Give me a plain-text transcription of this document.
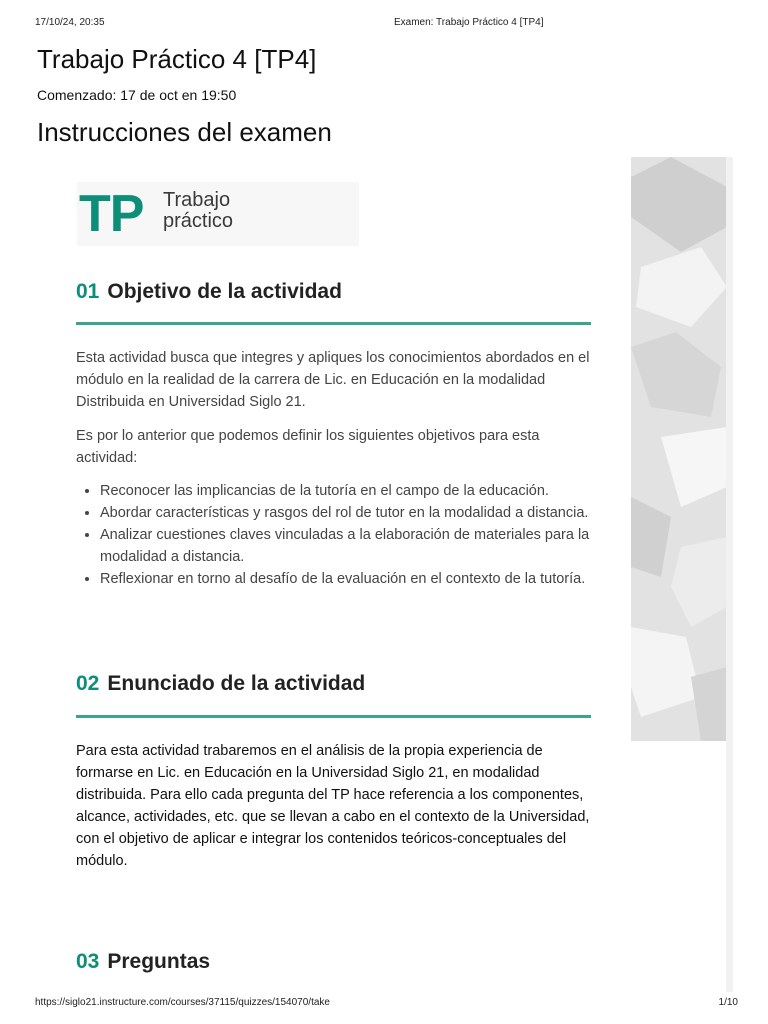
17/10/24, 20:35	Examen: Trabajo Práctico 4 [TP4]
Trabajo Práctico 4 [TP4]
Comenzado: 17 de oct en 19:50
Instrucciones del examen
TP Trabajo
práctico
01 Objetivo de la actividad

Esta actividad busca que integres y apliques los conocimientos abordados en el módulo en la realidad de la carrera de Lic. en Educación en la modalidad Distribuida en Universidad Siglo 21.

Es por lo anterior que podemos definir los siguientes objetivos para esta actividad:

• Reconocer las implicancias de la tutoría en el campo de la educación.
• Abordar características y rasgos del rol de tutor en la modalidad a distancia.
• Analizar cuestiones claves vinculadas a la elaboración de materiales para la modalidad a distancia.
• Reflexionar en torno al desafío de la evaluación en el contexto de la tutoría.
02 Enunciado de la actividad

Para esta actividad trabaremos en el análisis de la propia experiencia de formarse en Lic. en Educación en la Universidad Siglo 21, en modalidad distribuida. Para ello cada pregunta del TP hace referencia a los componentes, alcance, actividades, etc. que se llevan a cabo en el contexto de la Universidad, con el objetivo de aplicar e integrar los contenidos teóricos-conceptuales del módulo.

03 Preguntas
https://siglo21.instructure.com/courses/37115/quizzes/154070/take	1/10
